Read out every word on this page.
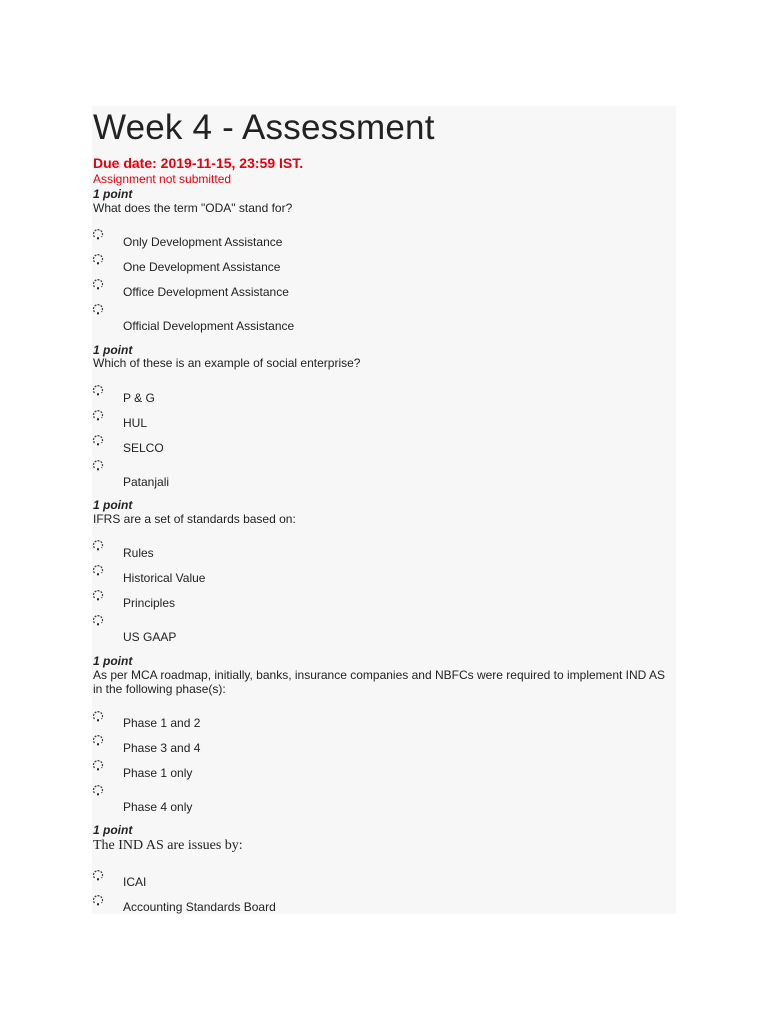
Week 4 - Assessment
Due date: 2019-11-15, 23:59 IST.
Assignment not submitted
1 point
What does the term "ODA" stand for?
Only Development Assistance
One Development Assistance
Office Development Assistance
Official Development Assistance
1 point
Which of these is an example of social enterprise?
P & G
HUL
SELCO
Patanjali
1 point
IFRS are a set of standards based on:
Rules
Historical Value
Principles
US GAAP
1 point
As per MCA roadmap, initially, banks, insurance companies and NBFCs were required to implement IND AS in the following phase(s):
Phase 1 and 2
Phase 3 and 4
Phase 1 only
Phase 4 only
1 point
The IND AS are issues by:
ICAI
Accounting Standards Board
